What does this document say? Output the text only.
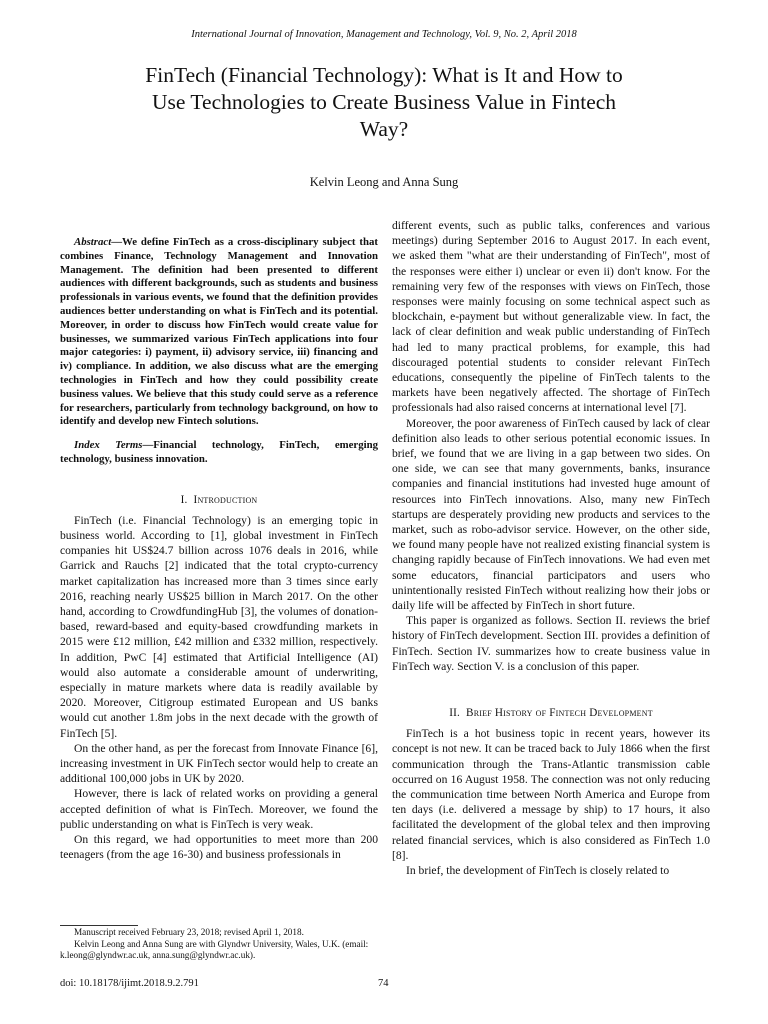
International Journal of Innovation, Management and Technology, Vol. 9, No. 2, April 2018
FinTech (Financial Technology): What is It and How to
Use Technologies to Create Business Value in Fintech
Way?
Kelvin Leong and Anna Sung

Abstract—We define FinTech as a cross-disciplinary subject that combines Finance, Technology Management and Innovation Management. The definition had been presented to different audiences with different backgrounds, such as students and business professionals in various events, we found that the definition provides audiences better understanding on what is FinTech and its potential. Moreover, in order to discuss how FinTech would create value for businesses, we summarized various FinTech applications into four major categories: i) payment, ii) advisory service, iii) financing and iv) compliance. In addition, we also discuss what are the emerging technologies in FinTech and how they could possibility create business values. We believe that this study could serve as a reference for researchers, particularly from technology background, on how to identify and develop new Fintech solutions.

Index Terms—Financial technology, FinTech, emerging technology, business innovation.

I. Introduction

FinTech (i.e. Financial Technology) is an emerging topic in business world. According to [1], global investment in FinTech companies hit US$24.7 billion across 1076 deals in 2016, while Garrick and Rauchs [2] indicated that the total crypto-currency market capitalization has increased more than 3 times since early 2016, reaching nearly US$25 billion in March 2017. On the other hand, according to CrowdfundingHub [3], the volumes of donation-based, reward-based and equity-based crowdfunding markets in 2015 were £12 million, £42 million and £332 million, respectively. In addition, PwC [4] estimated that Artificial Intelligence (AI) would also automate a considerable amount of underwriting, especially in mature markets where data is readily available by 2020. Moreover, Citigroup estimated European and US banks would cut another 1.8m jobs in the next decade with the growth of FinTech [5].

On the other hand, as per the forecast from Innovate Finance [6], increasing investment in UK FinTech sector would help to create an additional 100,000 jobs in UK by 2020.

However, there is lack of related works on providing a general accepted definition of what is FinTech. Moreover, we found the public understanding on what is FinTech is very weak.

On this regard, we had opportunities to meet more than 200 teenagers (from the age 16-30) and business professionals in

different events, such as public talks, conferences and various meetings) during September 2016 to August 2017. In each event, we asked them "what are their understanding of FinTech", most of the responses were either i) unclear or even ii) don't know. For the remaining very few of the responses with views on FinTech, those responses were mainly focusing on some technical aspect such as blockchain, e-payment but without generalizable view. In fact, the lack of clear definition and weak public understanding of FinTech had led to many practical problems, for example, this had discouraged potential students to consider relevant FinTech educations, consequently the pipeline of FinTech talents to the markets have been negatively affected. The shortage of FinTech professionals had also raised concerns at international level [7].

Moreover, the poor awareness of FinTech caused by lack of clear definition also leads to other serious potential economic issues. In brief, we found that we are living in a gap between two sides. On one side, we can see that many governments, banks, insurance companies and financial institutions had invested huge amount of resources into FinTech innovations. Also, many new FinTech startups are desperately providing new products and services to the market, such as robo-advisor service. However, on the other side, we found many people have not realized existing financial system is changing rapidly because of FinTech innovations. We had even met some educators, financial participators and users who unintentionally resisted FinTech without realizing how their jobs or daily life will be affected by FinTech in short future.

This paper is organized as follows. Section II. reviews the brief history of FinTech development. Section III. provides a definition of FinTech. Section IV. summarizes how to create business value in FinTech way. Section V. is a conclusion of this paper.

II. Brief History of Fintech Development

FinTech is a hot business topic in recent years, however its concept is not new. It can be traced back to July 1866 when the first communication through the Trans-Atlantic transmission cable occurred on 16 August 1958. The connection was not only reducing the communication time between North America and Europe from ten days (i.e. delivered a message by ship) to 17 hours, it also facilitated the development of the global telex and then improving related financial services, which is also considered as FinTech 1.0 [8].

In brief, the development of FinTech is closely related to

Manuscript received February 23, 2018; revised April 1, 2018.

Kelvin Leong and Anna Sung are with Glyndwr University, Wales, U.K. (email: k.leong@glyndwr.ac.uk, anna.sung@glyndwr.ac.uk).

doi: 10.18178/ijimt.2018.9.2.791	74
